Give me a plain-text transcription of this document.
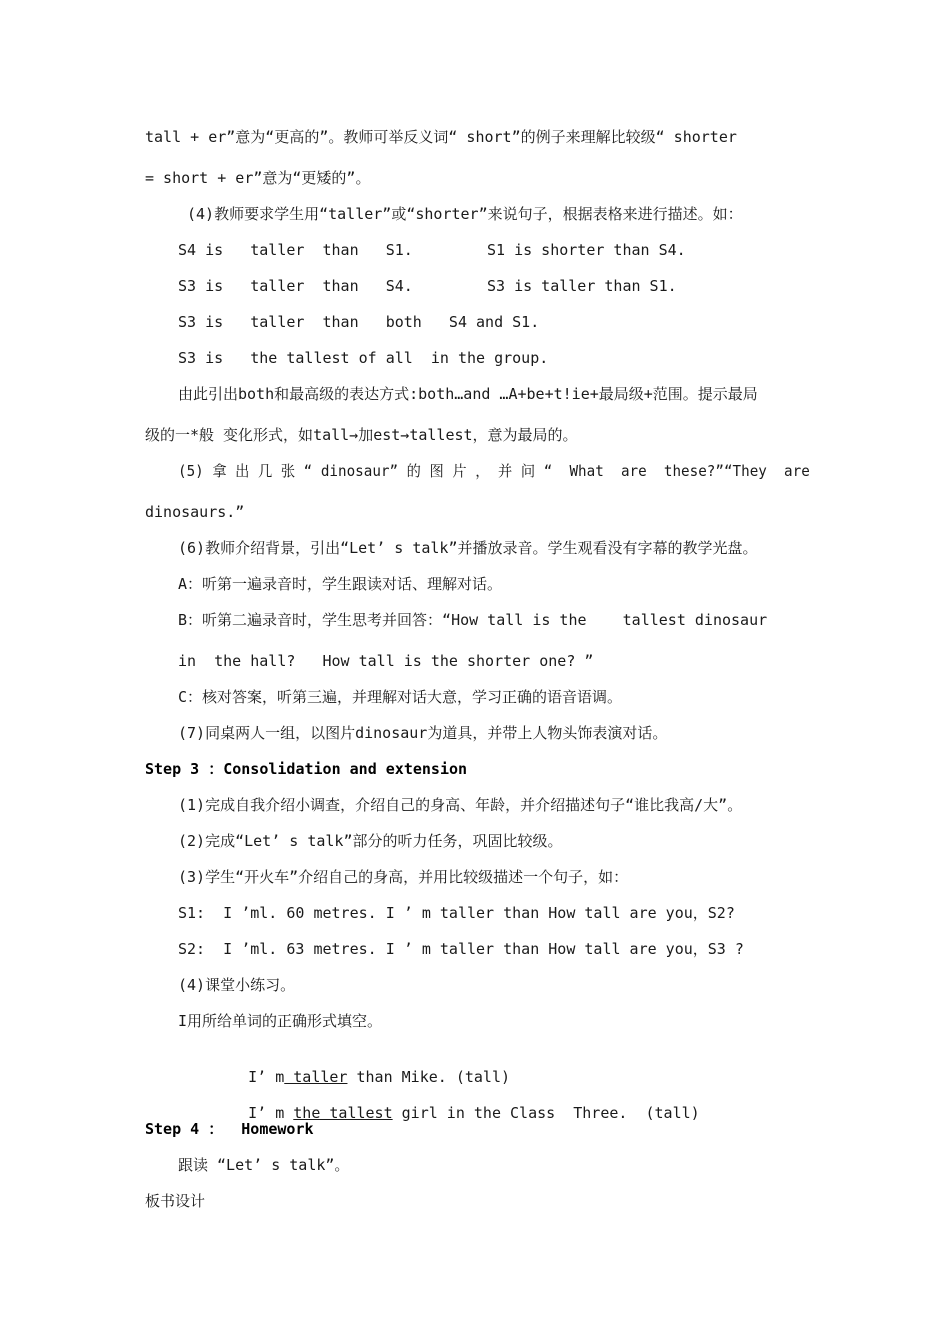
tall + er”意为“更高的”。教师可举反义词“ short”的例子来理解比较级“ shorter
= short + er”意为“更矮的”。
(4)教师要求学生用“taller”或“shorter”来说句子，根据表格来进行描述。如：
S4 is   taller  than   S1.	S1 is shorter than S4.
S3 is   taller  than   S4.	S3 is taller than S1.
S3 is   taller  than   both   S4 and S1.
S3 is   the tallest of all  in the group.
由此引出both和最高级的表达方式:both…and …A+be+t!ie+最局级+范围。提示最局
级的一*般 变化形式，如tall→加est→tallest，意为最局的。
(5) 拿 出 几 张 “ dinosaur” 的 图 片 ， 并 问 “  What  are  these?”“They  are
dinosaurs.”
(6)教师介绍背景，引出“Let’ s talk”并播放录音。学生观看没有字幕的教学光盘。
A：听第一遍录音时，学生跟读对话、理解对话。
B：听第二遍录音时，学生思考并回答：“How tall is the    tallest dinosaur
in  the hall?   How tall is the shorter one? ”
C：核对答案，听第三遍，并理解对话大意，学习正确的语音语调。
(7)同桌两人一组，以图片dinosaur为道具，并带上人物头饰表演对话。
Step 3 ：Consolidation and extension
(1)完成自我介绍小调查，介绍自己的身高、年龄，并介绍描述句子“谁比我高/大”。
(2)完成“Let’ s talk”部分的听力任务，巩固比较级。
(3)学生“开火车”介绍自己的身高，并用比较级描述一个句子，如：
S1:  I ’ml. 60 metres. I ’ m taller than How tall are you，S2?
S2:  I ’ml. 63 metres. I ’ m taller than How tall are you，S3 ?
(4)课堂小练习。
I用所给单词的正确形式填空。

I’ m taller than Mike. (tall)

I’ m the tallest girl in the Class  Three.  (tall)

Step 4 ：  Homework
跟读 “Let’ s talk”。
板书设计
